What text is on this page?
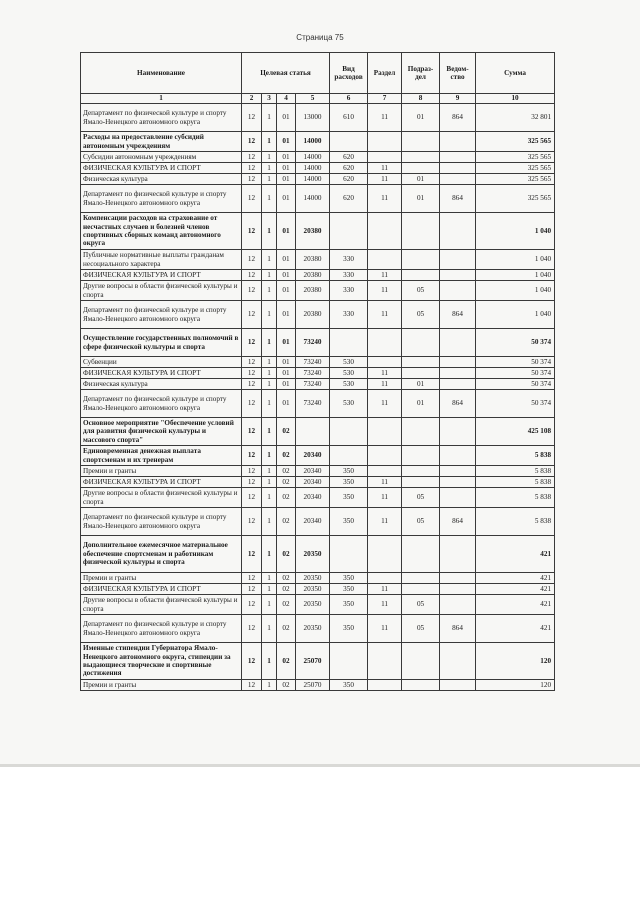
Страница 75
Наименование	Целевая статья				Вид расходов	Раздел	Подраз-дел	Ведом-ство	Сумма
1	2	3	4	5	6	7	8	9	10
Департамент по физической культуре и спорту Ямало-Ненецкого автономного округа	12	1	01	13000	610	11	01	864	32 801
Расходы на предоставление субсидий автономным учреждениям	12	1	01	14000					325 565
Субсидии автономным учреждениям	12	1	01	14000	620				325 565
ФИЗИЧЕСКАЯ КУЛЬТУРА И СПОРТ	12	1	01	14000	620	11			325 565
Физическая культура	12	1	01	14000	620	11	01		325 565
Департамент по физической культуре и спорту Ямало-Ненецкого автономного округа	12	1	01	14000	620	11	01	864	325 565
Компенсации расходов на страхование от несчастных случаев и болезней членов спортивных сборных команд автономного округа	12	1	01	20380					1 040
Публичные нормативные выплаты гражданам несоциального характера	12	1	01	20380	330				1 040
ФИЗИЧЕСКАЯ КУЛЬТУРА И СПОРТ	12	1	01	20380	330	11			1 040
Другие вопросы в области физической культуры и спорта	12	1	01	20380	330	11	05		1 040
Департамент по физической культуре и спорту Ямало-Ненецкого автономного округа	12	1	01	20380	330	11	05	864	1 040
Осуществление государственных полномочий в сфере физической культуры и спорта	12	1	01	73240					50 374
Субвенции	12	1	01	73240	530				50 374
ФИЗИЧЕСКАЯ КУЛЬТУРА И СПОРТ	12	1	01	73240	530	11			50 374
Физическая культура	12	1	01	73240	530	11	01		50 374
Департамент по физической культуре и спорту Ямало-Ненецкого автономного округа	12	1	01	73240	530	11	01	864	50 374
Основное мероприятие "Обеспечение условий для развития физической культуры и массового спорта"	12	1	02						425 108
Единовременная денежная выплата спортсменам и их тренерам	12	1	02	20340					5 838
Премии и гранты	12	1	02	20340	350				5 838
ФИЗИЧЕСКАЯ КУЛЬТУРА И СПОРТ	12	1	02	20340	350	11			5 838
Другие вопросы в области физической культуры и спорта	12	1	02	20340	350	11	05		5 838
Департамент по физической культуре и спорту Ямало-Ненецкого автономного округа	12	1	02	20340	350	11	05	864	5 838
Дополнительное ежемесячное материальное обеспечение спортсменам и работникам физической культуры и спорта	12	1	02	20350					421
Премии и гранты	12	1	02	20350	350				421
ФИЗИЧЕСКАЯ КУЛЬТУРА И СПОРТ	12	1	02	20350	350	11			421
Другие вопросы в области физической культуры и спорта	12	1	02	20350	350	11	05		421
Департамент по физической культуре и спорту Ямало-Ненецкого автономного округа	12	1	02	20350	350	11	05	864	421
Именные стипендии Губернатора Ямало-Ненецкого автономного округа, стипендии за выдающиеся творческие и спортивные достижения	12	1	02	25070					120
Премии и гранты	12	1	02	25070	350				120
